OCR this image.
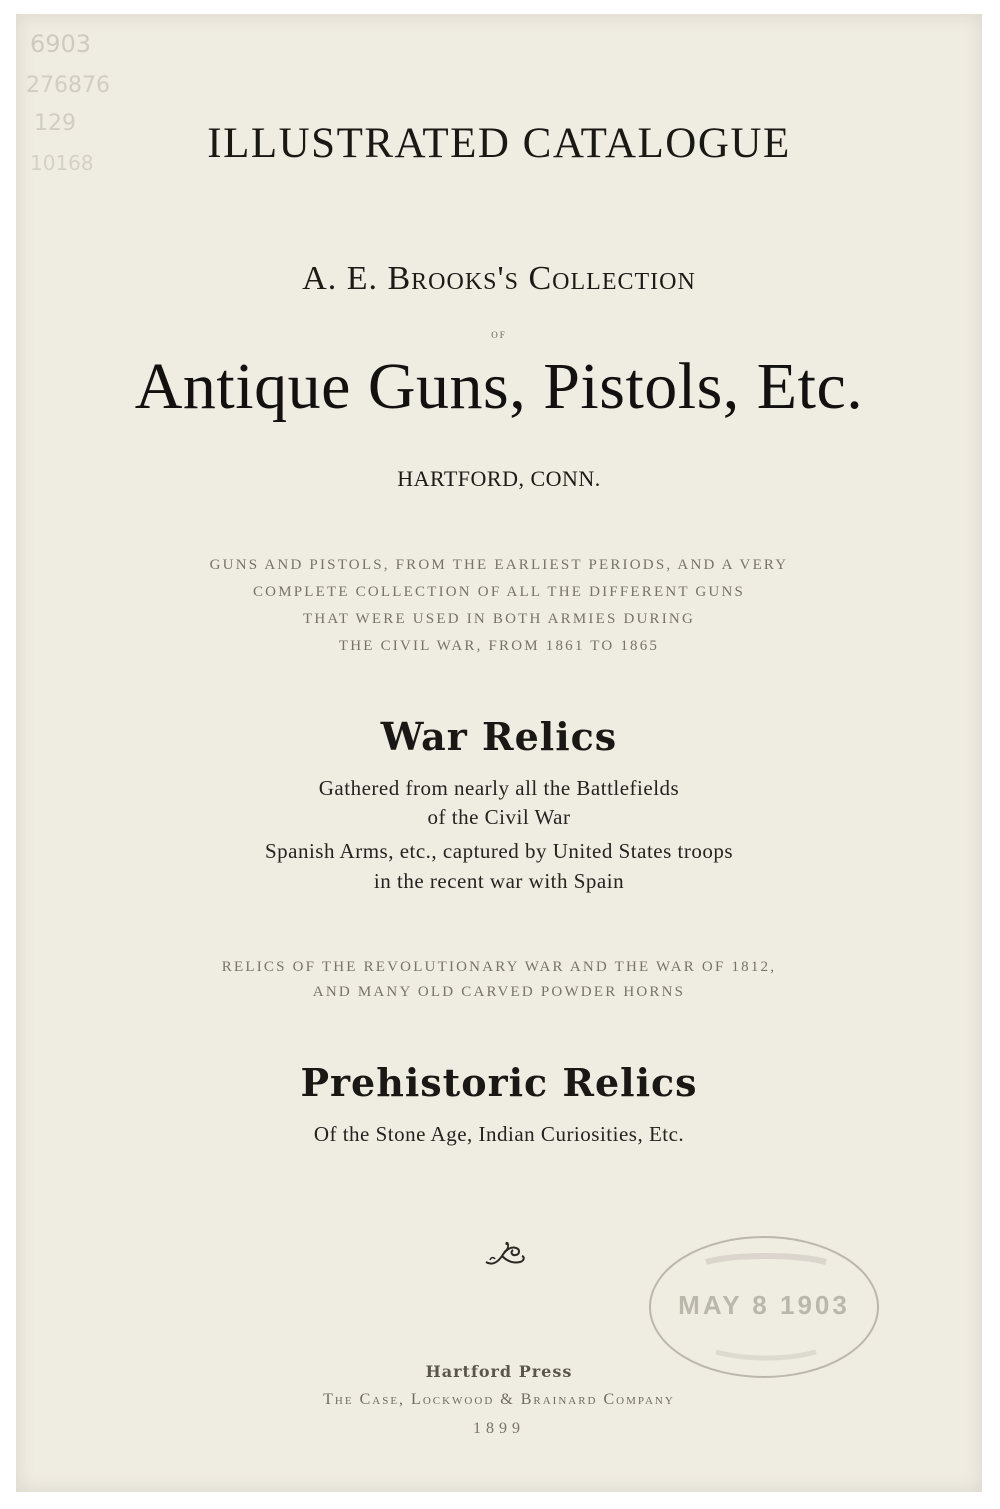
6903
276876
129
10168	ILLUSTRATED CATALOGUE
A. E. Brooks's Collection
OF
Antique Guns, Pistols, Etc.
HARTFORD, CONN.
GUNS AND PISTOLS, FROM THE EARLIEST PERIODS, AND A VERY
COMPLETE COLLECTION OF ALL THE DIFFERENT GUNS
THAT WERE USED IN BOTH ARMIES DURING
THE CIVIL WAR, FROM 1861 TO 1865
War Relics
Gathered from nearly all the Battlefields
of the Civil War
Spanish Arms, etc., captured by United States troops
in the recent war with Spain
RELICS OF THE REVOLUTIONARY WAR AND THE WAR OF 1812,
AND MANY OLD CARVED POWDER HORNS
Prehistoric Relics
Of the Stone Age, Indian Curiosities, Etc.
MAY 8 1903
Hartford Press
The Case, Lockwood & Brainard Company
1899
